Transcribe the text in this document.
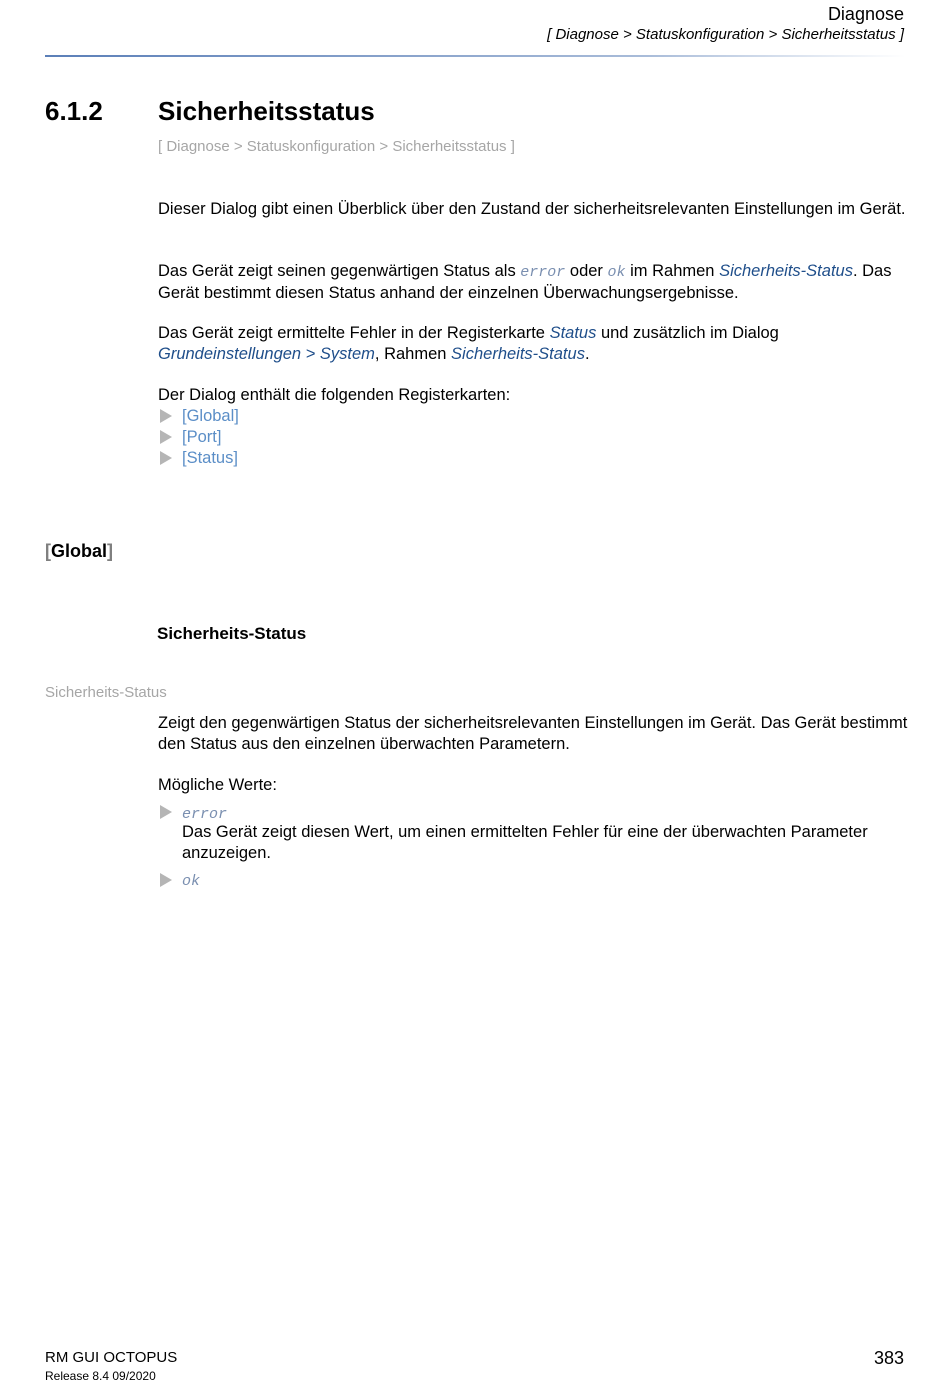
Diagnose
[ Diagnose > Statuskonfiguration > Sicherheitsstatus ]
6.1.2 Sicherheitsstatus
[ Diagnose > Statuskonfiguration > Sicherheitsstatus ]
Dieser Dialog gibt einen Überblick über den Zustand der sicherheitsrelevanten Einstellungen im Gerät.
Das Gerät zeigt seinen gegenwärtigen Status als error oder ok im Rahmen Sicherheits-Status. Das Gerät bestimmt diesen Status anhand der einzelnen Überwachungsergebnisse.
Das Gerät zeigt ermittelte Fehler in der Registerkarte Status und zusätzlich im Dialog Grundeinstellungen > System, Rahmen Sicherheits-Status.
Der Dialog enthält die folgenden Registerkarten:
[Global]
[Port]
[Status]
[Global]
Sicherheits-Status
Sicherheits-Status
Zeigt den gegenwärtigen Status der sicherheitsrelevanten Einstellungen im Gerät. Das Gerät bestimmt den Status aus den einzelnen überwachten Parametern.
Mögliche Werte:
error
Das Gerät zeigt diesen Wert, um einen ermittelten Fehler für eine der überwachten Parameter anzuzeigen.
ok
RM GUI OCTOPUS
Release 8.4 09/2020
383
